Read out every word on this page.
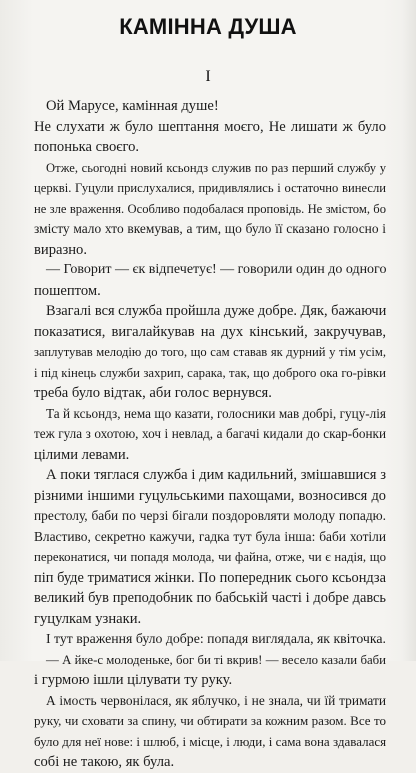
КАМІННА ДУША
I
Ой Марусе, камінная душе!
Не слухати ж було шептання моєго, Не лишати ж було
попонька своєго.
Отже, сьогодні новий ксьондз служив по раз перший службу у
церкві. Гуцули прислухалися, придивлялись і остаточно винесли
не зле враження. Особливо подобалася проповідь. Не змістом, бо
змісту мало хто вкемував, а тим, що було її сказано голосно і
виразно.
— Говорит — єк відпечетує! — говорили один до одного
пошептом.
Взагалі вся служба пройшла дуже добре. Дяк, бажаючи
показатися, вигалайкував на дух кінський, закручував,
заплутував мелодію до того, що сам ставав як дурний у тім усім,
і під кінець служби захрип, сарака, так, що доброго ока го-рівки
треба було відтак, аби голос вернувся.
Та й ксьондз, нема що казати, голосники мав добрі, гуцу-лія
теж гула з охотою, хоч і невлад, а багачі кидали до скар-бонки
цілими левами.
А поки тяглася служба і дим кадильний, змішавшися з
різними іншими гуцульськими пахощами, возносився до
престолу, баби по черзі бігали поздоровляти молоду попадю.
Властиво, секретно кажучи, гадка тут була інша: баби хотіли
переконатися, чи попадя молода, чи файна, отже, чи є надія, що
піп буде триматися жінки. По попередник сього ксьондза
великий був преподобник по бабській часті і добре давсь
гуцулкам узнаки.
І тут враження було добре: попадя виглядала, як квіточка.
— А йке-с молоденьке, бог би ті вкрив! — весело казали баби
і гурмою ішли цілувати ту руку.
А імость червонілася, як яблучко, і не знала, чи їй тримати
руку, чи сховати за спину, чи обтирати за кожним разом. Все то
було для неї нове: і шлюб, і місце, і люди, і сама вона здавалася
собі не такою, як була.
